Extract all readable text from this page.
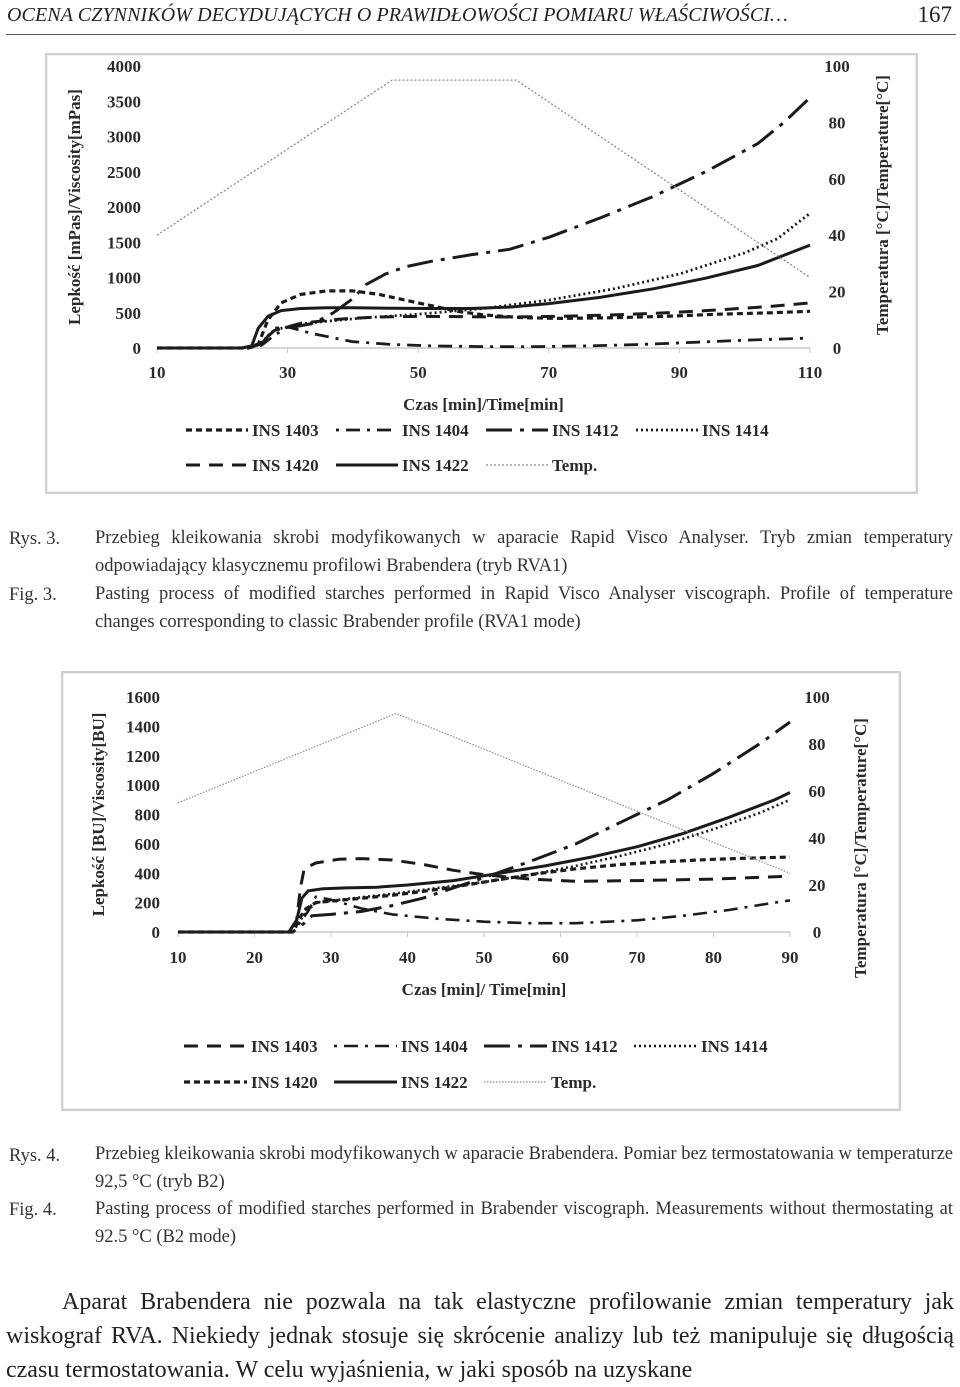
OCENA CZYNNIKÓW DECYDUJĄCYCH O PRAWIDŁOWOŚCI POMIARU WŁAŚCIWOŚCI…	167
10	30	50	70	90	110
0
500
1000
1500
2000
2500
3000
3500
4000
0
20
40
60
80
100
Czas [min]/Time[min]
Lepkość [mPas]/Viscosity[mPas]	Temperatura [°C]/Temperature[°C]
INS 1403	INS 1404	INS 1412	INS 1414
INS 1420	INS 1422	Temp.
Rys. 3. Przebieg kleikowania skrobi modyfikowanych w aparacie Rapid Visco Analyser. Tryb zmian temperatury odpowiadający klasycznemu profilowi Brabendera (tryb RVA1)
Fig. 3. Pasting process of modified starches performed in Rapid Visco Analyser viscograph. Profile of temperature changes corresponding to classic Brabender profile (RVA1 mode)
10	20	30	40	50	60	70	80	90
0
200
400
600
800
1000
1200
1400
1600
0
20
40
60
80
100
Czas [min]/ Time[min]
Lepkość [BU]/Viscosity[BU]	Temperatura [°C]/Temperature[°C]
INS 1403	INS 1404	INS 1412	INS 1414
INS 1420	INS 1422	Temp.
Rys. 4. Przebieg kleikowania skrobi modyfikowanych w aparacie Brabendera. Pomiar bez termostatowania w temperaturze 92,5 °C (tryb B2)
Fig. 4. Pasting process of modified starches performed in Brabender viscograph. Measurements without thermostating at 92.5 °C (B2 mode)

Aparat Brabendera nie pozwala na tak elastyczne profilowanie zmian temperatury jak wiskograf RVA. Niekiedy jednak stosuje się skrócenie analizy lub też manipuluje się długością czasu termostatowania. W celu wyjaśnienia, w jaki sposób na uzyskane
